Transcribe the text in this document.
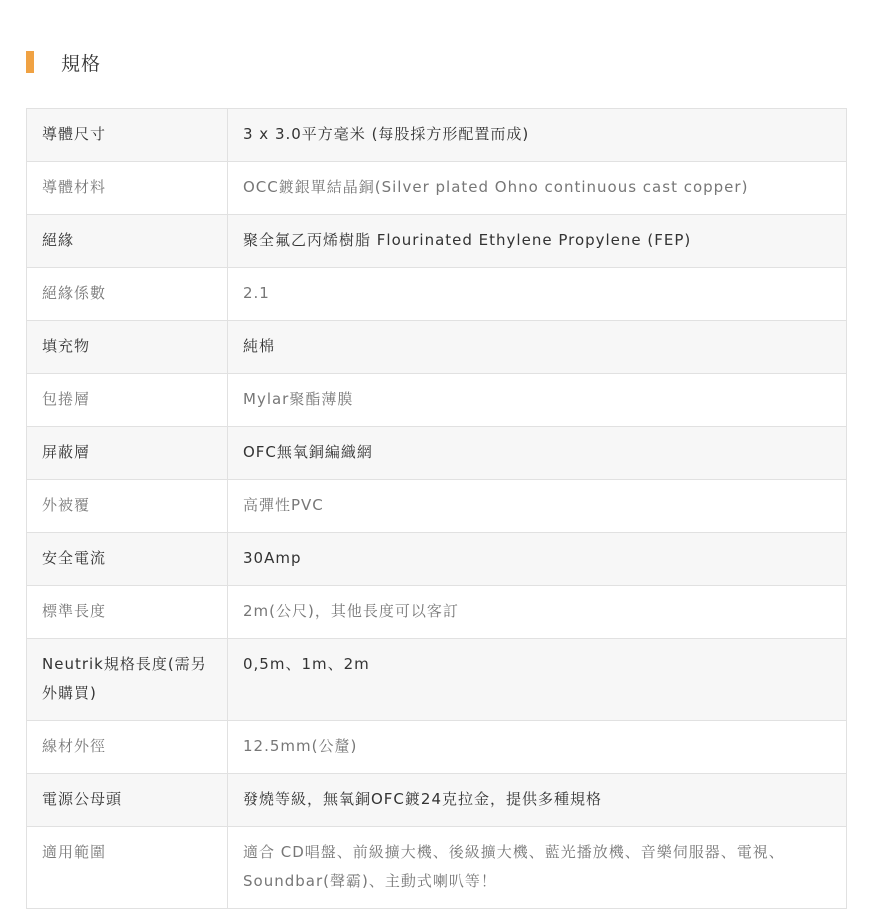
規格
導體尺寸	3 x 3.0平方毫米 (每股採方形配置而成)
導體材料	OCC鍍銀單結晶銅(Silver plated Ohno continuous cast copper)
絕緣	聚全氟乙丙烯樹脂 Flourinated Ethylene Propylene (FEP)
絕緣係數	2.1
填充物	純棉
包捲層	Mylar聚酯薄膜
屏蔽層	OFC無氧銅編織網
外被覆	高彈性PVC
安全電流	30Amp
標準長度	2m(公尺)，其他長度可以客訂
Neutrik規格長度(需另外購買)	0,5m、1m、2m
線材外徑	12.5mm(公釐)
電源公母頭	發燒等級，無氧銅OFC鍍24克拉金，提供多種規格
適用範圍	適合 CD唱盤、前級擴大機、後級擴大機、藍光播放機、音樂伺服器、電視、Soundbar(聲霸)、主動式喇叭等！
